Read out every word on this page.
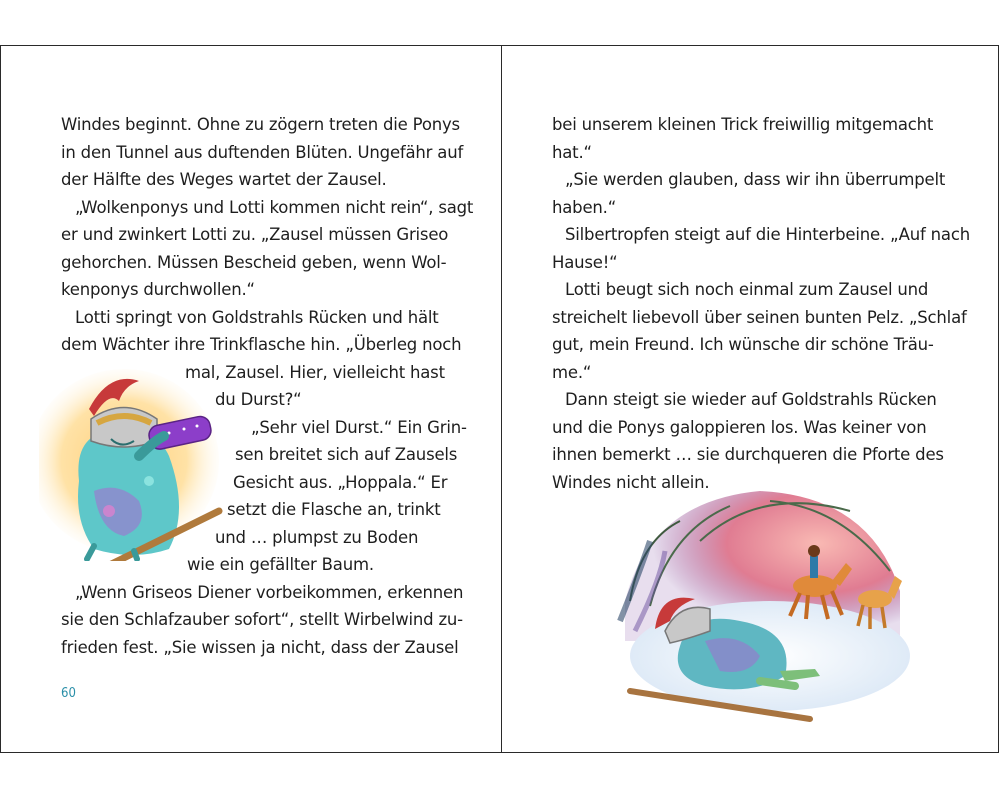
Windes beginnt. Ohne zu zögern treten die Ponys
in den Tunnel aus duftenden Blüten. Ungefähr auf
der Hälfte des Weges wartet der Zausel.
„Wolkenponys und Lotti kommen nicht rein“, sagt
er und zwinkert Lotti zu. „Zausel müssen Griseo
gehorchen. Müssen Bescheid geben, wenn Wol-
kenponys durchwollen.“
Lotti springt von Goldstrahls Rücken und hält
dem Wächter ihre Trinkflasche hin. „Überleg noch
mal, Zausel. Hier, vielleicht hast
du Durst?“
„Sehr viel Durst.“ Ein Grin-
sen breitet sich auf Zausels
Gesicht aus. „Hoppala.“ Er
setzt die Flasche an, trinkt
und … plumpst zu Boden
wie ein gefällter Baum.
„Wenn Griseos Diener vorbeikommen, erkennen
sie den Schlafzauber sofort“, stellt Wirbelwind zu-
frieden fest. „Sie wissen ja nicht, dass der Zausel
60
bei unserem kleinen Trick freiwillig mitgemacht
hat.“
„Sie werden glauben, dass wir ihn überrumpelt
haben.“
Silbertropfen steigt auf die Hinterbeine. „Auf nach
Hause!“
Lotti beugt sich noch einmal zum Zausel und
streichelt liebevoll über seinen bunten Pelz. „Schlaf
gut, mein Freund. Ich wünsche dir schöne Träu-
me.“
Dann steigt sie wieder auf Goldstrahls Rücken
und die Ponys galoppieren los. Was keiner von
ihnen bemerkt … sie durchqueren die Pforte des
Windes nicht allein.
